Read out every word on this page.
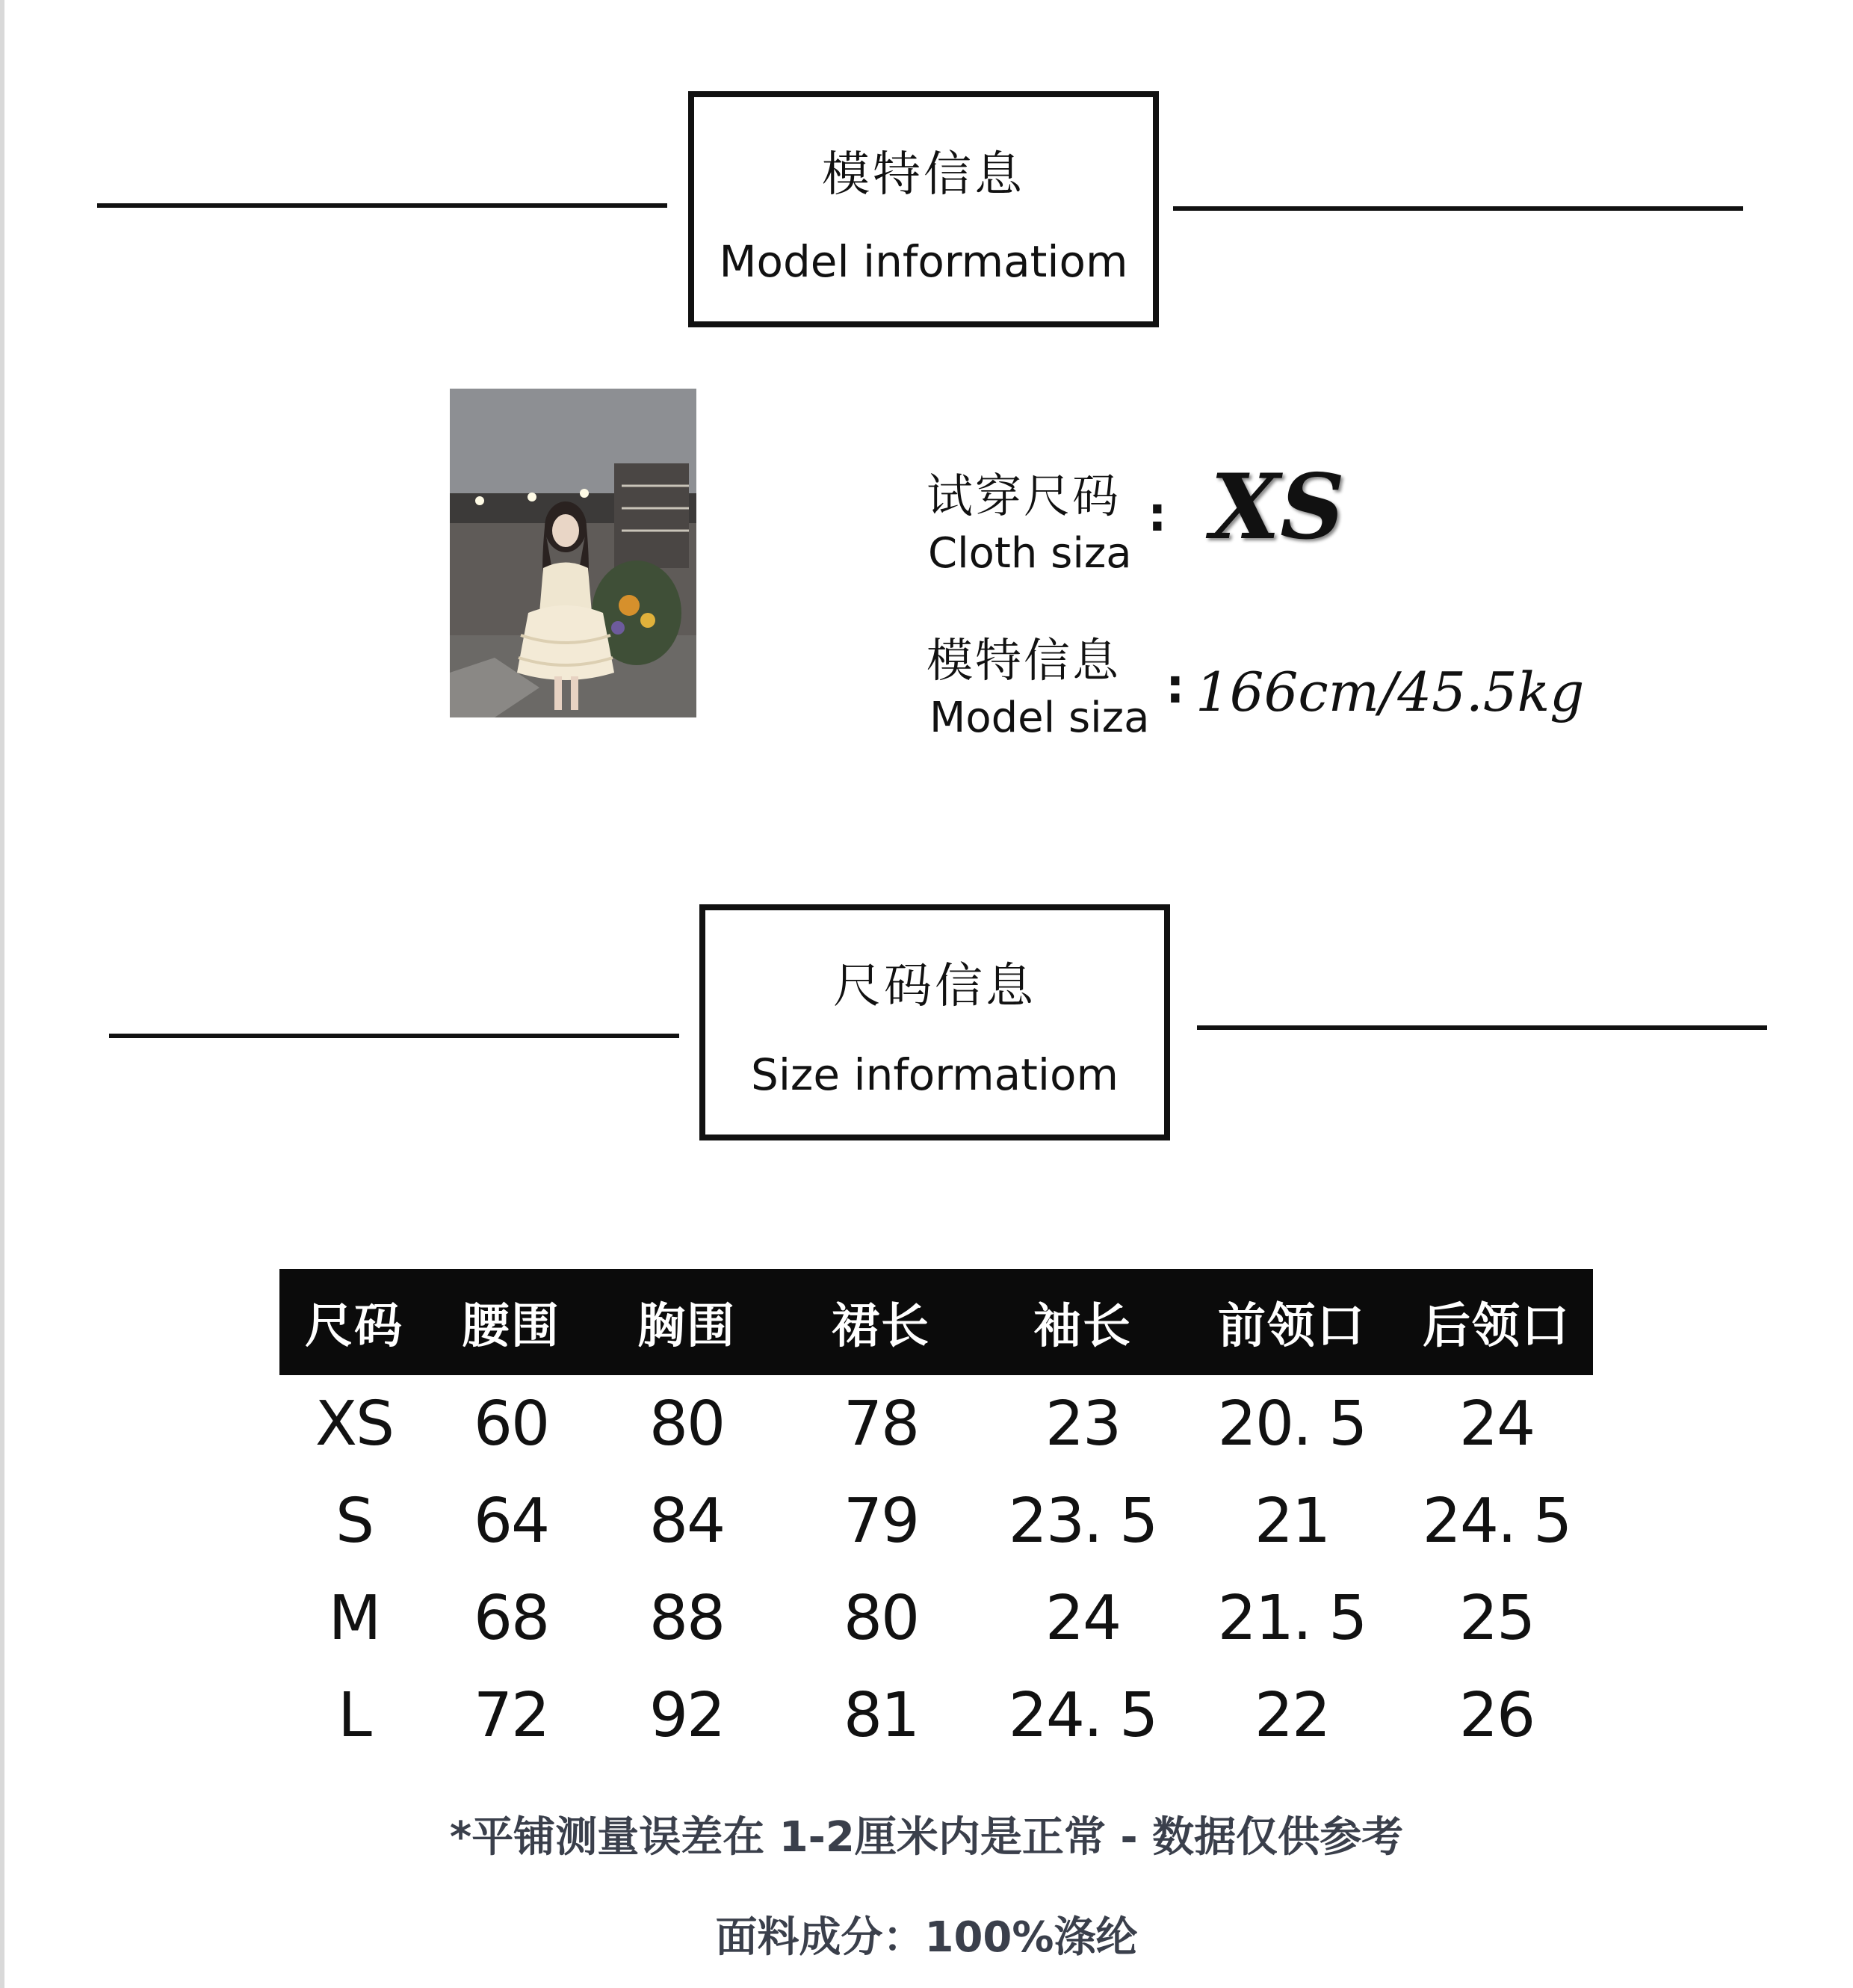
模特信息
Model informatiom
试穿尺码
Cloth siza
: XS
模特信息
Model siza
: 166cm/45.5kg
尺码信息
Size informatiom
尺码	腰围	胸围	裙长	袖长	前领口	后领口
XS	60	80	78	23	20. 5	24
S	64	84	79	23. 5	21	24. 5
M	68	88	80	24	21. 5	25
L	72	92	81	24. 5	22	26
*平铺测量误差在 1-2厘米内是正常 - 数据仅供参考
面料成分：100%涤纶
